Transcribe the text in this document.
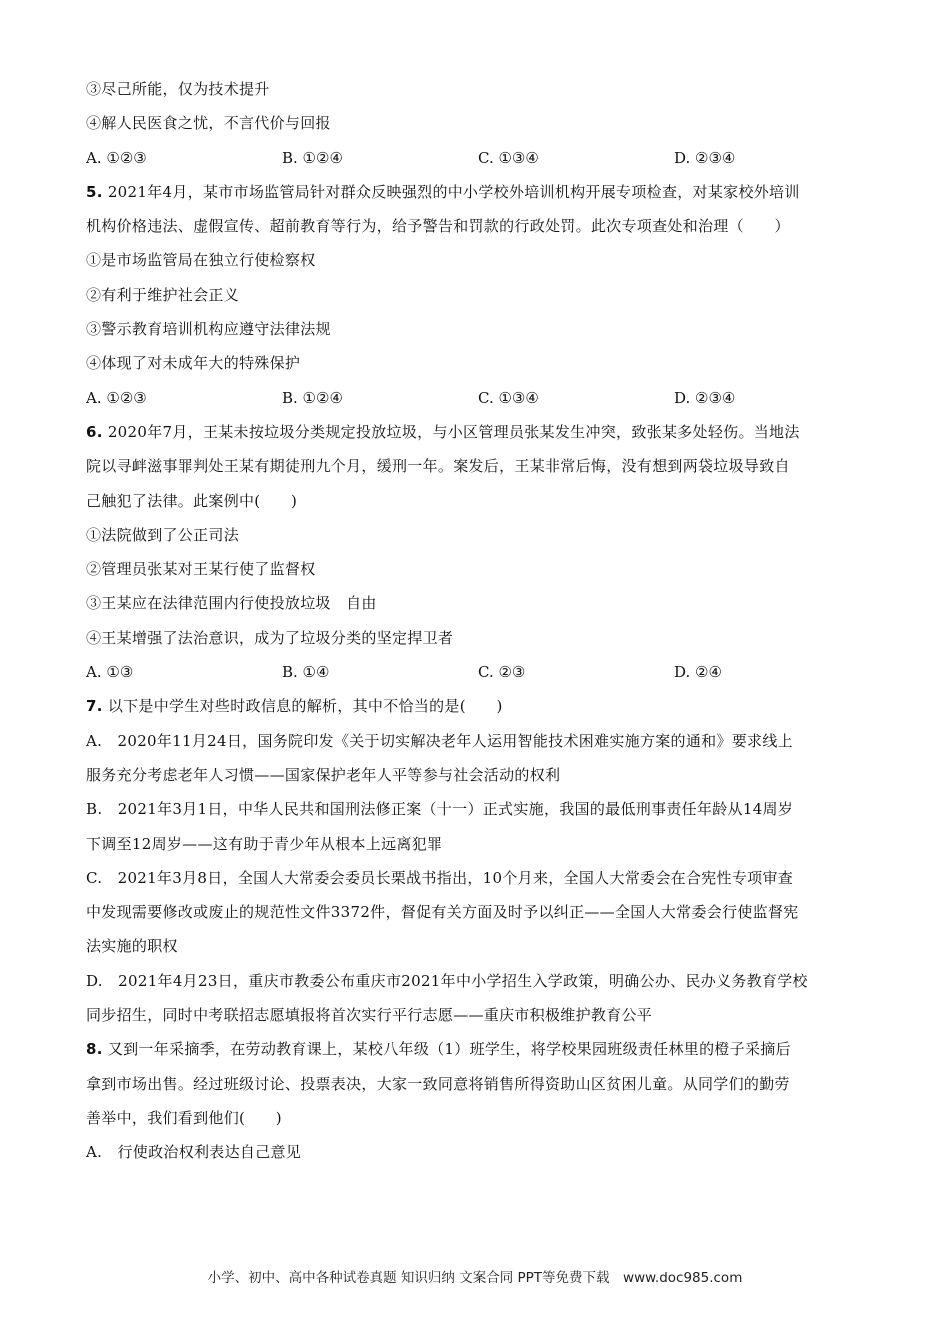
③尽己所能，仅为技术提升
④解人民医食之忧，不言代价与回报
A. ①②③	B. ①②④	C. ①③④	D. ②③④
5. 2021年4月，某市市场监管局针对群众反映强烈的中小学校外培训机构开展专项检查，对某家校外培训
机构价格违法、虚假宣传、超前教育等行为，给予警告和罚款的行政处罚。此次专项查处和治理（　　）
①是市场监管局在独立行使检察权
②有利于维护社会正义
③警示教育培训机构应遵守法律法规
④体现了对未成年大的特殊保护
A. ①②③	B. ①②④	C. ①③④	D. ②③④
6. 2020年7月，王某未按垃圾分类规定投放垃圾，与小区管理员张某发生冲突，致张某多处轻伤。当地法
院以寻衅滋事罪判处王某有期徒刑九个月，缓刑一年。案发后，王某非常后悔，没有想到两袋垃圾导致自
己触犯了法律。此案例中(　　)
①法院做到了公正司法
②管理员张某对王某行使了监督权
③王某应在法律范围内行使投放垃圾　自由
④王某增强了法治意识，成为了垃圾分类的坚定捍卫者
A. ①③	B. ①④	C. ②③	D. ②④
7. 以下是中学生对些时政信息的解析，其中不恰当的是(　　)
A.　2020年11月24日，国务院印发《关于切实解决老年人运用智能技术困难实施方案的通和》要求线上
服务充分考虑老年人习惯——国家保护老年人平等参与社会活动的权利
B.　2021年3月1日，中华人民共和国刑法修正案（十一）正式实施，我国的最低刑事责任年龄从14周岁
下调至12周岁——这有助于青少年从根本上远离犯罪
C.　2021年3月8日，全国人大常委会委员长栗战书指出，10个月来，全国人大常委会在合宪性专项审查
中发现需要修改或废止的规范性文件3372件，督促有关方面及时予以纠正——全国人大常委会行使监督宪
法实施的职权
D.　2021年4月23日，重庆市教委公布重庆市2021年中小学招生入学政策，明确公办、民办义务教育学校
同步招生，同时中考联招志愿填报将首次实行平行志愿——重庆市积极维护教育公平
8. 又到一年采摘季，在劳动教育课上，某校八年级（1）班学生，将学校果园班级责任林里的橙子采摘后
拿到市场出售。经过班级讨论、投票表决，大家一致同意将销售所得资助山区贫困儿童。从同学们的勤劳
善举中，我们看到他们(　　)
A.　行使政治权利表达自己意见
小学、初中、高中各种试卷真题 知识归纳 文案合同 PPT等免费下载　www.doc985.com
